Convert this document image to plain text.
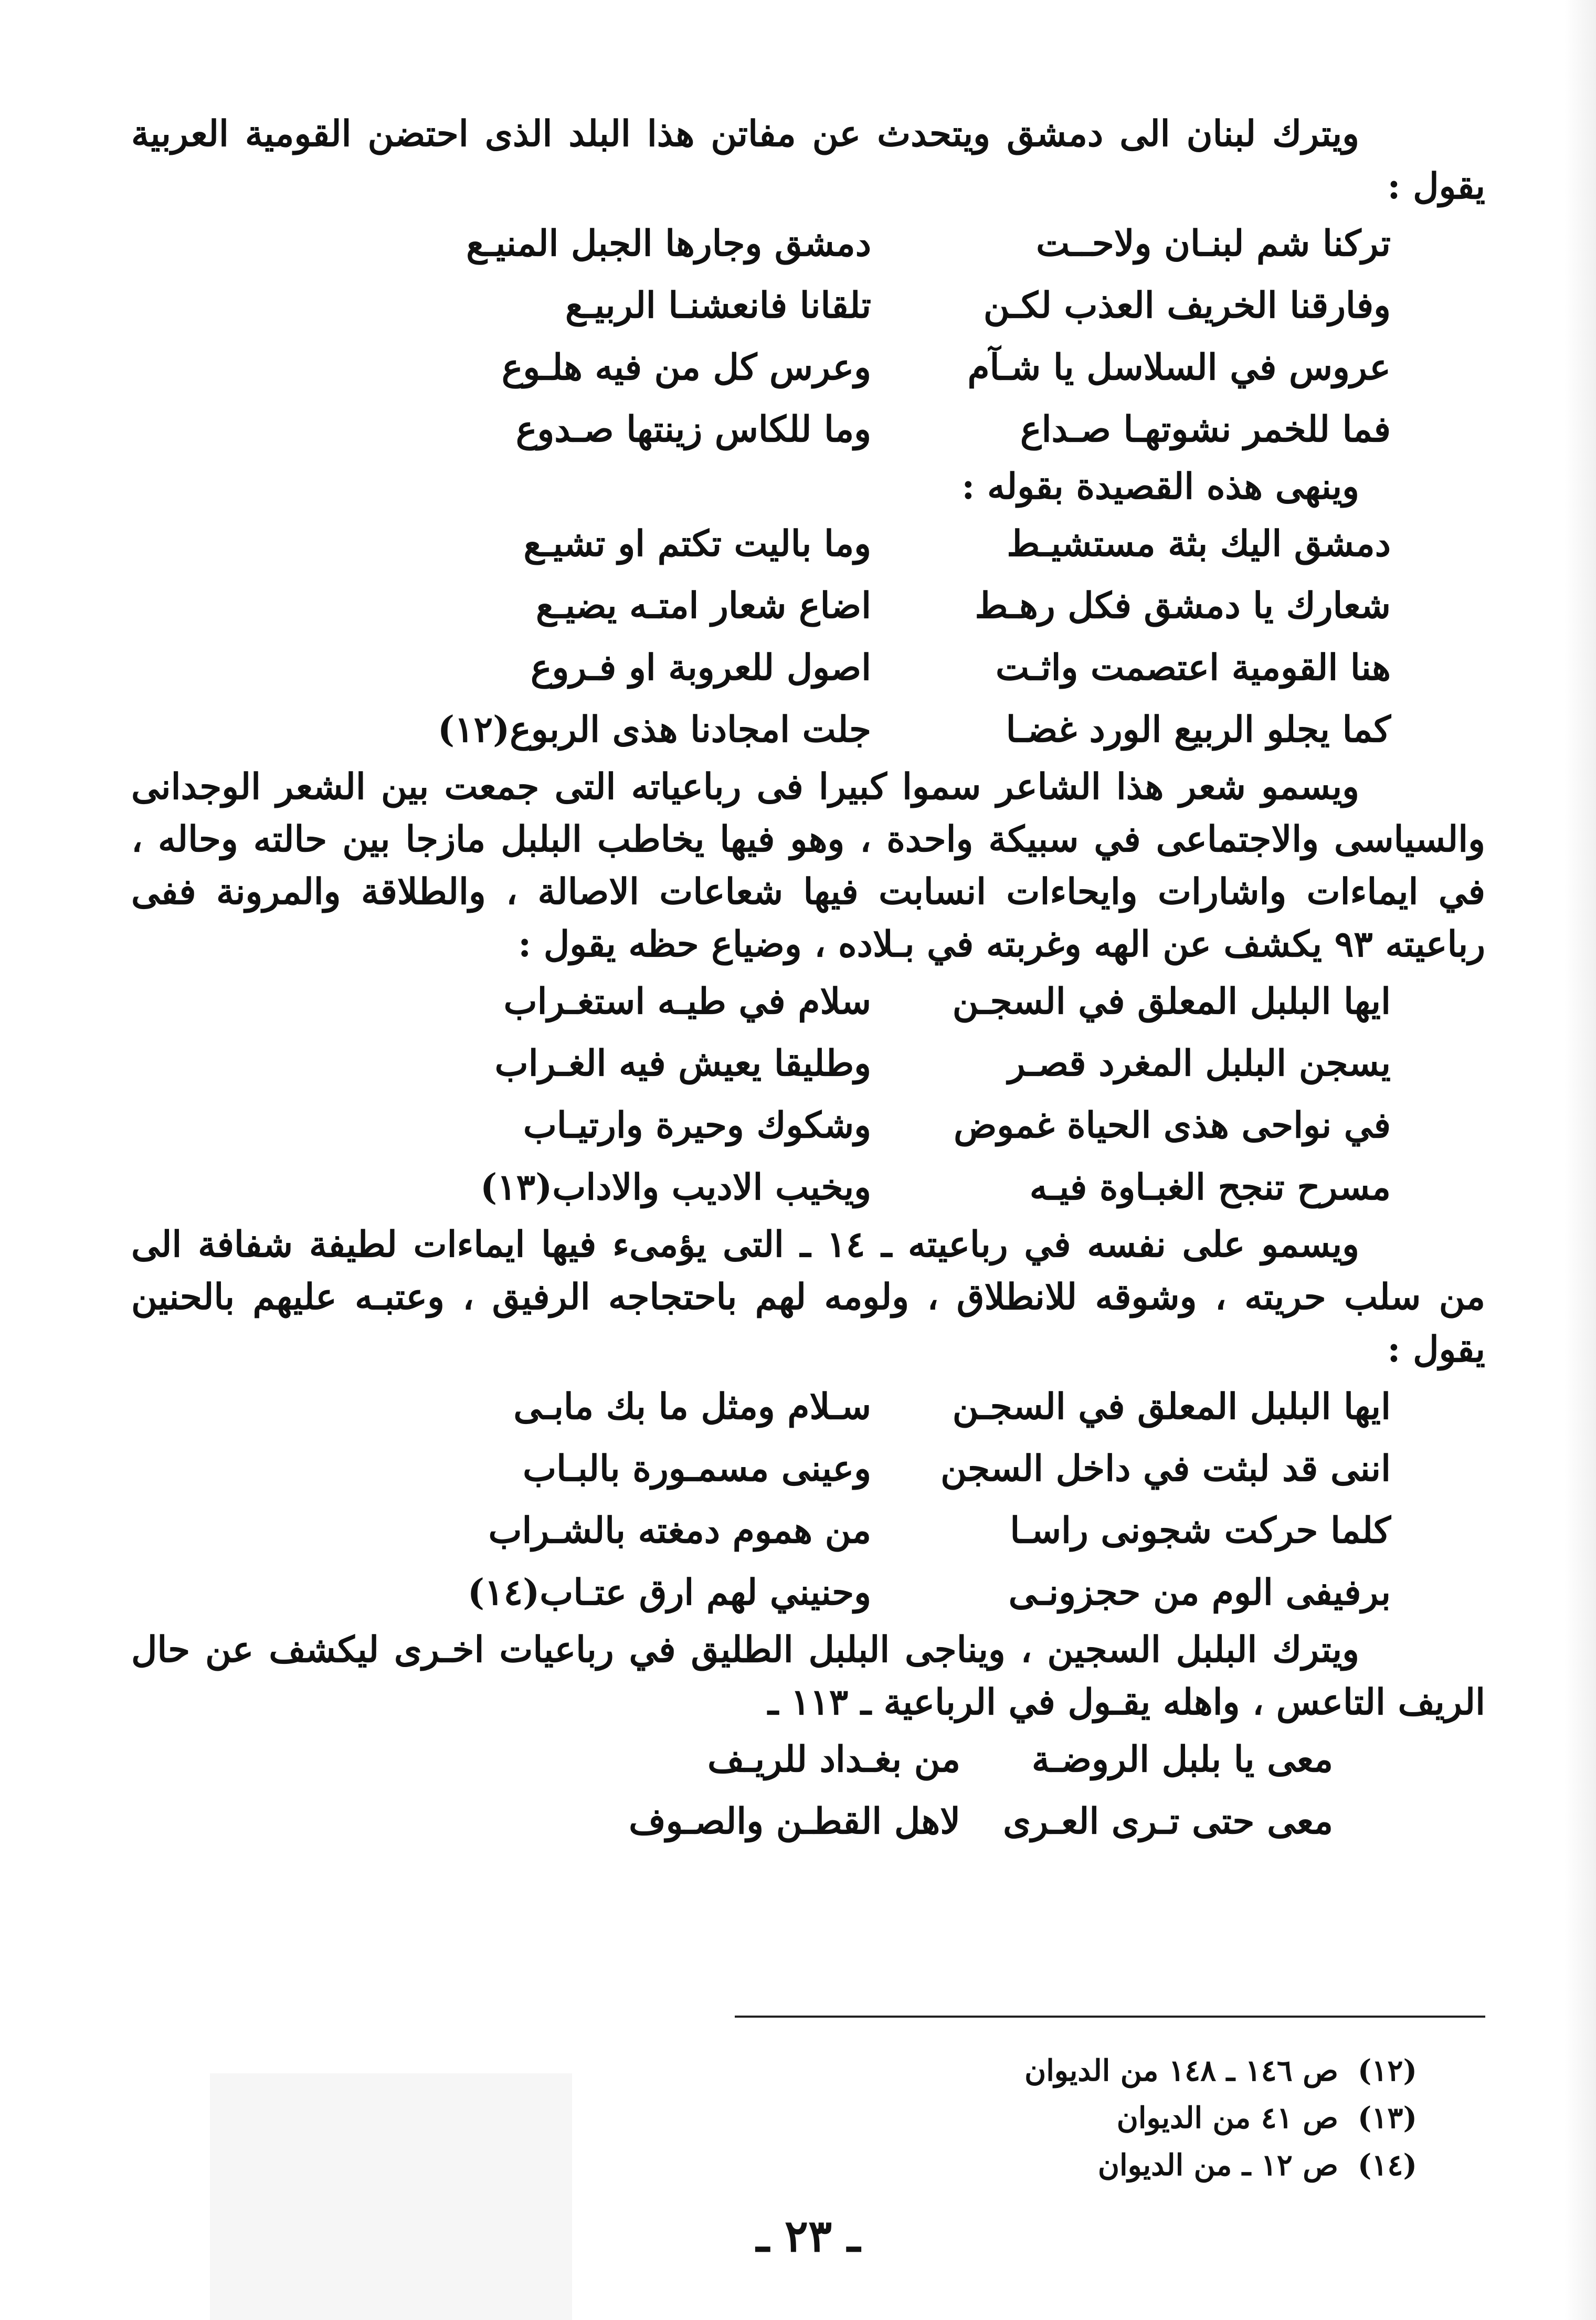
ويترك لبنان الى دمشق ويتحدث عن مفاتن هذا البلد الذى احتضن القومية العربية يقول :

تركنا شم لبنـان ولاحــت
دمشق وجارها الجبل المنيـع
وفارقنا الخريف العذب لكـن
تلقانا فانعشنـا الربيـع
عروس في السلاسل يا شـآم
وعرس كل من فيه هلـوع
فما للخمر نشوتهـا صـداع
وما للكاس زينتها صـدوع

وينهى هذه القصيدة بقوله :

دمشق اليك بثة مستشيـط
وما باليت تكتم او تشيـع
شعارك يا دمشق فكل رهـط
اضاع شعار امتـه يضيـع
هنا القومية اعتصمت واثـت
اصول للعروبة او فـروع
كما يجلو الربيع الورد غضـا
جلت امجادنا هذى الربوع(١٢)

ويسمو شعر هذا الشاعر سموا كبيرا فى رباعياته التى جمعت بين الشعر الوجدانى والسياسى والاجتماعى في سبيكة واحدة ، وهو فيها يخاطب البلبل مازجا بين حالته وحاله ، في ايماءات واشارات وايحاءات انسابت فيها شعاعات الاصالة ، والطلاقة والمرونة ففى رباعيته ٩٣ يكشف عن الهه وغربته في بـلاده ، وضياع حظه يقول :

ايها البلبل المعلق في السجـن
سلام في طيـه استغـراب
يسجن البلبل المغرد قصـر
وطليقا يعيش فيه الغـراب
في نواحى هذى الحياة غموض
وشكوك وحيرة وارتيـاب
مسرح تنجح الغبـاوة فيـه
ويخيب الاديب والاداب(١٣)

ويسمو على نفسه في رباعيته ـ ١٤ ـ التى يؤمىء فيها ايماءات لطيفة شفافة الى من سلب حريته ، وشوقه للانطلاق ، ولومه لهم باحتجاجه الرفيق ، وعتبـه عليهم بالحنين يقول :

ايها البلبل المعلق في السجـن
سـلام ومثل ما بك مابـى
اننى قد لبثت في داخل السجن
وعينى مسمـورة بالبـاب
كلما حركت شجونى راسـا
من هموم دمغته بالشـراب
برفيفى الوم من حجزونـى
وحنيني لهم ارق عتـاب(١٤)

ويترك البلبل السجين ، ويناجى البلبل الطليق في رباعيات اخـرى ليكشف عن حال الريف التاعس ، واهله يقـول في الرباعية ـ ١١٣ ـ

معى يا بلبل الروضـة
من بغـداد للريـف
معى حتى تـرى العـرى
لاهل القطـن والصـوف
(١٢)
ص ١٤٦ ـ ١٤٨ من الديوان
(١٣)
ص ٤١ من الديوان
(١٤)
ص ١٢ ـ من الديوان
ـ ٢٣ ـ
